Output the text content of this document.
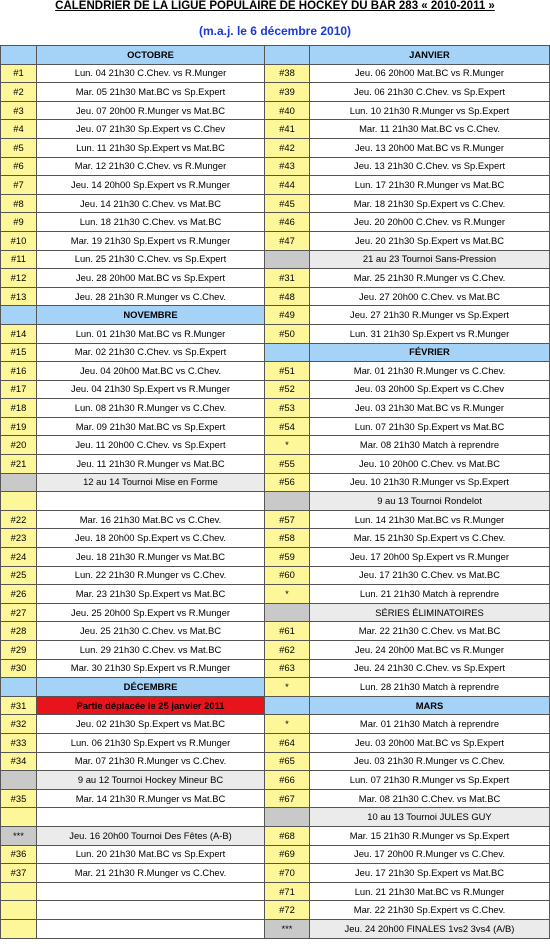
CALENDRIER DE LA LIGUE POPULAIRE DE HOCKEY DU BAR 283 « 2010-2011 »
(m.a.j. le 6 décembre 2010)
	OCTOBRE		JANVIER
#1	Lun. 04 21h30 C.Chev. vs R.Munger	#38	Jeu. 06 20h00 Mat.BC vs R.Munger
#2	Mar. 05 21h30 Mat.BC vs Sp.Expert	#39	Jeu. 06 21h30 C.Chev. vs Sp.Expert
#3	Jeu. 07 20h00 R.Munger vs Mat.BC	#40	Lun. 10 21h30 R.Munger vs Sp.Expert
#4	Jeu. 07 21h30 Sp.Expert vs C.Chev	#41	Mar. 11 21h30 Mat.BC vs C.Chev.
#5	Lun. 11 21h30 Sp.Expert vs Mat.BC	#42	Jeu. 13 20h00 Mat.BC vs R.Munger
#6	Mar. 12 21h30 C.Chev. vs R.Munger	#43	Jeu. 13 21h30 C.Chev. vs Sp.Expert
#7	Jeu. 14 20h00 Sp.Expert vs R.Munger	#44	Lun. 17 21h30 R.Munger vs Mat.BC
#8	Jeu. 14 21h30 C.Chev. vs Mat.BC	#45	Mar. 18 21h30 Sp.Expert vs C.Chev.
#9	Lun. 18 21h30 C.Chev. vs Mat.BC	#46	Jeu. 20 20h00 C.Chev. vs R.Munger
#10	Mar. 19 21h30 Sp.Expert vs R.Munger	#47	Jeu. 20 21h30 Sp.Expert vs Mat.BC
#11	Lun. 25 21h30 C.Chev. vs Sp.Expert		21 au 23 Tournoi Sans-Pression
#12	Jeu. 28 20h00 Mat.BC vs Sp.Expert	#31	Mar. 25 21h30 R.Munger vs C.Chev.
#13	Jeu. 28 21h30 R.Munger vs C.Chev.	#48	Jeu. 27 20h00 C.Chev. vs Mat.BC
	NOVEMBRE	#49	Jeu. 27 21h30 R.Munger vs Sp.Expert
#14	Lun. 01 21h30 Mat.BC vs R.Munger	#50	Lun. 31 21h30 Sp.Expert vs R.Munger
#15	Mar. 02 21h30 C.Chev. vs Sp.Expert		FÉVRIER
#16	Jeu. 04 20h00 Mat.BC vs C.Chev.	#51	Mar. 01 21h30 R.Munger vs C.Chev.
#17	Jeu. 04 21h30 Sp.Expert vs R.Munger	#52	Jeu. 03 20h00 Sp.Expert vs C.Chev
#18	Lun. 08 21h30 R.Munger vs C.Chev.	#53	Jeu. 03 21h30 Mat.BC vs R.Munger
#19	Mar. 09 21h30 Mat.BC vs Sp.Expert	#54	Lun. 07 21h30 Sp.Expert vs Mat.BC
#20	Jeu. 11 20h00 C.Chev. vs Sp.Expert	*	Mar. 08 21h30 Match à reprendre
#21	Jeu. 11 21h30 R.Munger vs Mat.BC	#55	Jeu. 10 20h00 C.Chev. vs Mat.BC
	12 au 14 Tournoi Mise en Forme	#56	Jeu. 10 21h30 R.Munger vs Sp.Expert
			9 au 13 Tournoi Rondelot
#22	Mar. 16 21h30 Mat.BC vs C.Chev.	#57	Lun. 14 21h30 Mat.BC vs R.Munger
#23	Jeu. 18 20h00 Sp.Expert vs C.Chev.	#58	Mar. 15 21h30 Sp.Expert vs C.Chev.
#24	Jeu. 18 21h30 R.Munger vs Mat.BC	#59	Jeu. 17 20h00 Sp.Expert vs R.Munger
#25	Lun. 22 21h30 R.Munger vs C.Chev.	#60	Jeu. 17 21h30 C.Chev. vs Mat.BC
#26	Mar. 23 21h30 Sp.Expert vs Mat.BC	*	Lun. 21 21h30 Match à reprendre
#27	Jeu. 25 20h00 Sp.Expert vs R.Munger		SÉRIES ÉLIMINATOIRES
#28	Jeu. 25 21h30 C.Chev. vs Mat.BC	#61	Mar. 22 21h30 C.Chev. vs Mat.BC
#29	Lun. 29 21h30 C.Chev. vs Mat.BC	#62	Jeu. 24 20h00 Mat.BC vs R.Munger
#30	Mar. 30 21h30 Sp.Expert vs R.Munger	#63	Jeu. 24 21h30 C.Chev. vs Sp.Expert
	DÉCEMBRE	*	Lun. 28 21h30 Match à reprendre
#31	Partie déplacée le 25 janvier 2011		MARS
#32	Jeu. 02 21h30 Sp.Expert vs Mat.BC	*	Mar. 01 21h30 Match à reprendre
#33	Lun. 06 21h30 Sp.Expert vs R.Munger	#64	Jeu. 03 20h00 Mat.BC vs Sp.Expert
#34	Mar. 07 21h30 R.Munger vs C.Chev.	#65	Jeu. 03 21h30 R.Munger vs C.Chev.
	9 au 12 Tournoi Hockey Mineur BC	#66	Lun. 07 21h30 R.Munger vs Sp.Expert
#35	Mar. 14 21h30 R.Munger vs Mat.BC	#67	Mar. 08 21h30 C.Chev. vs Mat.BC
			10 au 13 Tournoi JULES GUY
***	Jeu. 16 20h00 Tournoi Des Fêtes (A-B)	#68	Mar. 15 21h30 R.Munger vs Sp.Expert
#36	Lun. 20 21h30 Mat.BC vs Sp.Expert	#69	Jeu. 17 20h00 R.Munger vs C.Chev.
#37	Mar. 21 21h30 R.Munger vs C.Chev.	#70	Jeu. 17 21h30 Sp.Expert vs Mat.BC
		#71	Lun. 21 21h30 Mat.BC vs R.Munger
		#72	Mar. 22 21h30 Sp.Expert vs C.Chev.
		***	Jeu. 24 20h00 FINALES 1vs2 3vs4 (A/B)
